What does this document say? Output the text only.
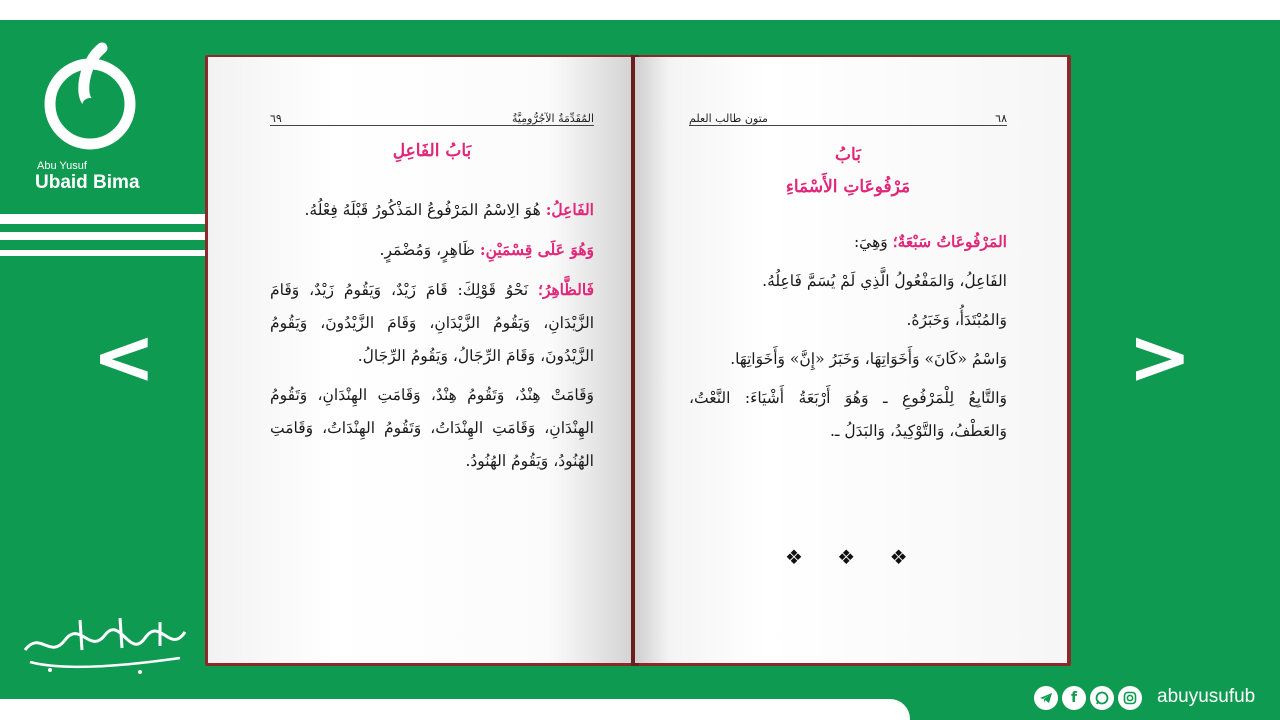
Abu Yusuf
Ubaid Bima
<	>
٦٩	المُقَدِّمَةُ الآجُرُّومِيَّةُ
بَابُ الفَاعِلِ

الفَاعِلُ: هُوَ الِاسْمُ المَرْفُوعُ المَذْكُورُ قَبْلَهُ فِعْلُهُ.

وَهُوَ عَلَى قِسْمَيْنِ: ظَاهِرٍ، وَمُضْمَرٍ.

فَالظَّاهِرُ؛ نَحْوُ قَوْلِكَ: قَامَ زَيْدٌ، وَيَقُومُ زَيْدٌ، وَقَامَ الزَّيْدَانِ، وَيَقُومُ الزَّيْدَانِ، وَقَامَ الزَّيْدُونَ، وَيَقُومُ الزَّيْدُونَ، وَقَامَ الرِّجَالُ، وَيَقُومُ الرِّجَالُ.

وَقَامَتْ هِنْدٌ، وَتَقُومُ هِنْدٌ، وَقَامَتِ الهِنْدَانِ، وَتَقُومُ الهِنْدَانِ، وَقَامَتِ الهِنْدَاتُ، وَتَقُومُ الهِنْدَاتُ، وَقَامَتِ الهُنُودُ، وَيَقُومُ الهُنُودُ.

متون طالب العلم	٦٨
بَابُ
مَرْفُوعَاتِ الأَسْمَاءِ

المَرْفُوعَاتُ سَبْعَةٌ؛ وَهِيَ:

الفَاعِلُ، وَالمَفْعُولُ الَّذِي لَمْ يُسَمَّ فَاعِلُهُ.

وَالمُبْتَدَأُ، وَخَبَرُهُ.

وَاسْمُ «كَانَ» وَأَخَوَاتِهَا، وَخَبَرُ «إِنَّ» وَأَخَوَاتِهَا.

وَالتَّابِعُ لِلْمَرْفُوعِ ـ وَهُوَ أَرْبَعَةُ أَشْيَاءَ: النَّعْتُ، وَالعَطْفُ، وَالتَّوْكِيدُ، وَالبَدَلُ ـ.

❖ ❖ ❖
f	abuyusufub
